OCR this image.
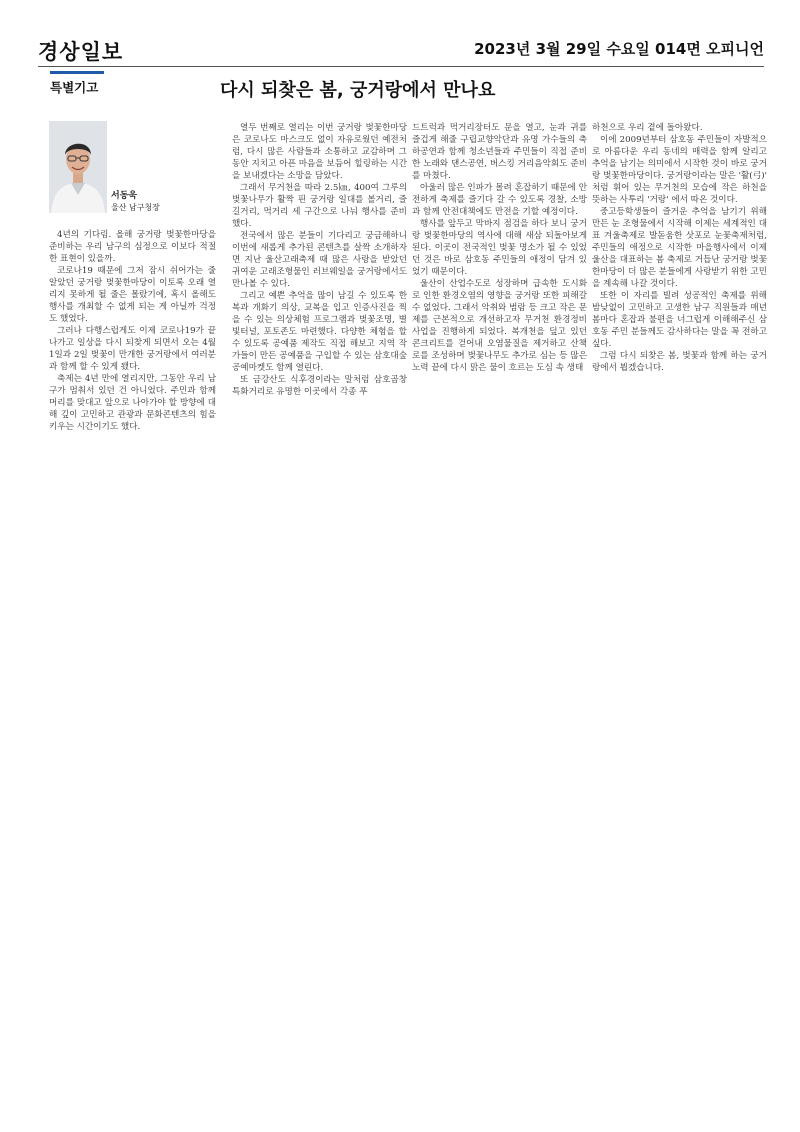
경상일보	2023년 3월 29일 수요일 014면 오피니언
특별기고	다시 되찾은 봄, 궁거랑에서 만나요
서동욱
울산 남구청장

4년의 기다림. 올해 궁거랑 벚꽃한마당을 준비하는 우리 남구의 심정으로 이보다 적절한 표현이 있을까.

코로나19 때문에 그저 잠시 쉬어가는 줄 알았던 궁거랑 벚꽃한마당이 이토록 오래 열리지 못하게 될 줄은 몰랐기에, 혹시 올해도 행사를 개최할 수 없게 되는 게 아닐까 걱정도 했었다.

그러나 다행스럽게도 이제 코로나19가 끝나가고 일상을 다시 되찾게 되면서 오는 4월1일과 2일 벚꽃이 만개한 궁거랑에서 여러분과 함께 할 수 있게 됐다.

축제는 4년 만에 열리지만, 그동안 우리 남구가 멈춰서 있던 건 아니었다. 주민과 함께 머리를 맞대고 앞으로 나아가야 할 방향에 대해 깊이 고민하고 관광과 문화콘텐츠의 힘을 키우는 시간이기도 했다.

열두 번째로 열리는 이번 궁거랑 벚꽃한마당은 코로나도 마스크도 없이 자유로웠던 예전처럼, 다시 많은 사람들과 소통하고 교감하며 그동안 지치고 아픈 마음을 보듬어 힐링하는 시간을 보내겠다는 소망을 담았다.

그래서 무거천을 따라 2.5㎞, 400여 그루의 벚꽃나무가 활짝 핀 궁거랑 일대를 볼거리, 즐길거리, 먹거리 세 구간으로 나눠 행사를 준비했다.

전국에서 많은 분들이 기다리고 궁금해하니 이번에 새롭게 추가된 콘텐츠를 살짝 소개하자면 지난 울산고래축제 때 많은 사랑을 받았던 귀여운 고래조형물인 러브웨일을 궁거랑에서도 만나볼 수 있다.

그리고 예쁜 추억을 많이 남길 수 있도록 한복과 개화기 의상, 교복을 입고 인증사진을 찍을 수 있는 의상체험 프로그램과 벚꽃조명, 별빛터널, 포토존도 마련했다. 다양한 체험을 할 수 있도록 공예품 제작도 직접 해보고 지역 작가들이 만든 공예품을 구입할 수 있는 삼호대숲공예마켓도 함께 열린다.

또 금강산도 식후경이라는 말처럼 삼호곱창특화거리로 유명한 이곳에서 각종 푸

드트럭과 먹거리장터도 문을 열고, 눈과 귀를 즐겁게 해줄 구립교향악단과 유명 가수들의 축하공연과 함께 청소년들과 주민들이 직접 준비한 노래와 댄스공연, 버스킹 거리음악회도 준비를 마쳤다.

아울러 많은 인파가 몰려 혼잡하기 때문에 안전하게 축제를 즐기다 갈 수 있도록 경찰, 소방과 함께 안전대책에도 만전을 기할 예정이다.

행사를 앞두고 막바지 점검을 하다 보니 궁거랑 벚꽃한마당의 역사에 대해 새삼 되돌아보게 된다. 이곳이 전국적인 벚꽃 명소가 될 수 있었던 것은 바로 삼호동 주민들의 애정이 담겨 있었기 때문이다.

울산이 산업수도로 성장하며 급속한 도시화로 인한 환경오염의 영향을 궁거랑 또한 피해갈 수 없었다. 그래서 악취와 범람 등 크고 작은 문제를 근본적으로 개선하고자 무거천 환경정비사업을 진행하게 되었다. 복개천을 덮고 있던 콘크리트를 걷어내 오염물질을 제거하고 산책로를 조성하며 벚꽃나무도 추가로 심는 등 많은 노력 끝에 다시 맑은 물이 흐르는 도심 속 생태

하천으로 우리 곁에 돌아왔다.

이에 2009년부터 삼호동 주민들이 자발적으로 아름다운 우리 동네의 매력을 함께 알리고 추억을 남기는 의미에서 시작한 것이 바로 궁거랑 벚꽃한마당이다. 궁거랑이라는 말은 '활(弓)' 처럼 휘어 있는 무거천의 모습에 작은 하천을 뜻하는 사투리 '거랑' 에서 따온 것이다.

중고등학생들이 즐거운 추억을 남기기 위해 만든 눈 조형물에서 시작해 이제는 세계적인 대표 겨울축제로 발돋움한 삿포로 눈꽃축제처럼, 주민들의 애정으로 시작한 마을행사에서 이제 울산을 대표하는 봄 축제로 거듭난 궁거랑 벚꽃한마당이 더 많은 분들에게 사랑받기 위한 고민을 계속해 나갈 것이다.

또한 이 자리를 빌려 성공적인 축제를 위해 밤낮없이 고민하고 고생한 남구 직원들과 매년 봄마다 혼잡과 불편을 너그럽게 이해해주신 삼호동 주민 분들께도 감사하다는 말을 꼭 전하고 싶다.

그럼 다시 되찾은 봄, 벚꽃과 함께 하는 궁거랑에서 뵙겠습니다.
